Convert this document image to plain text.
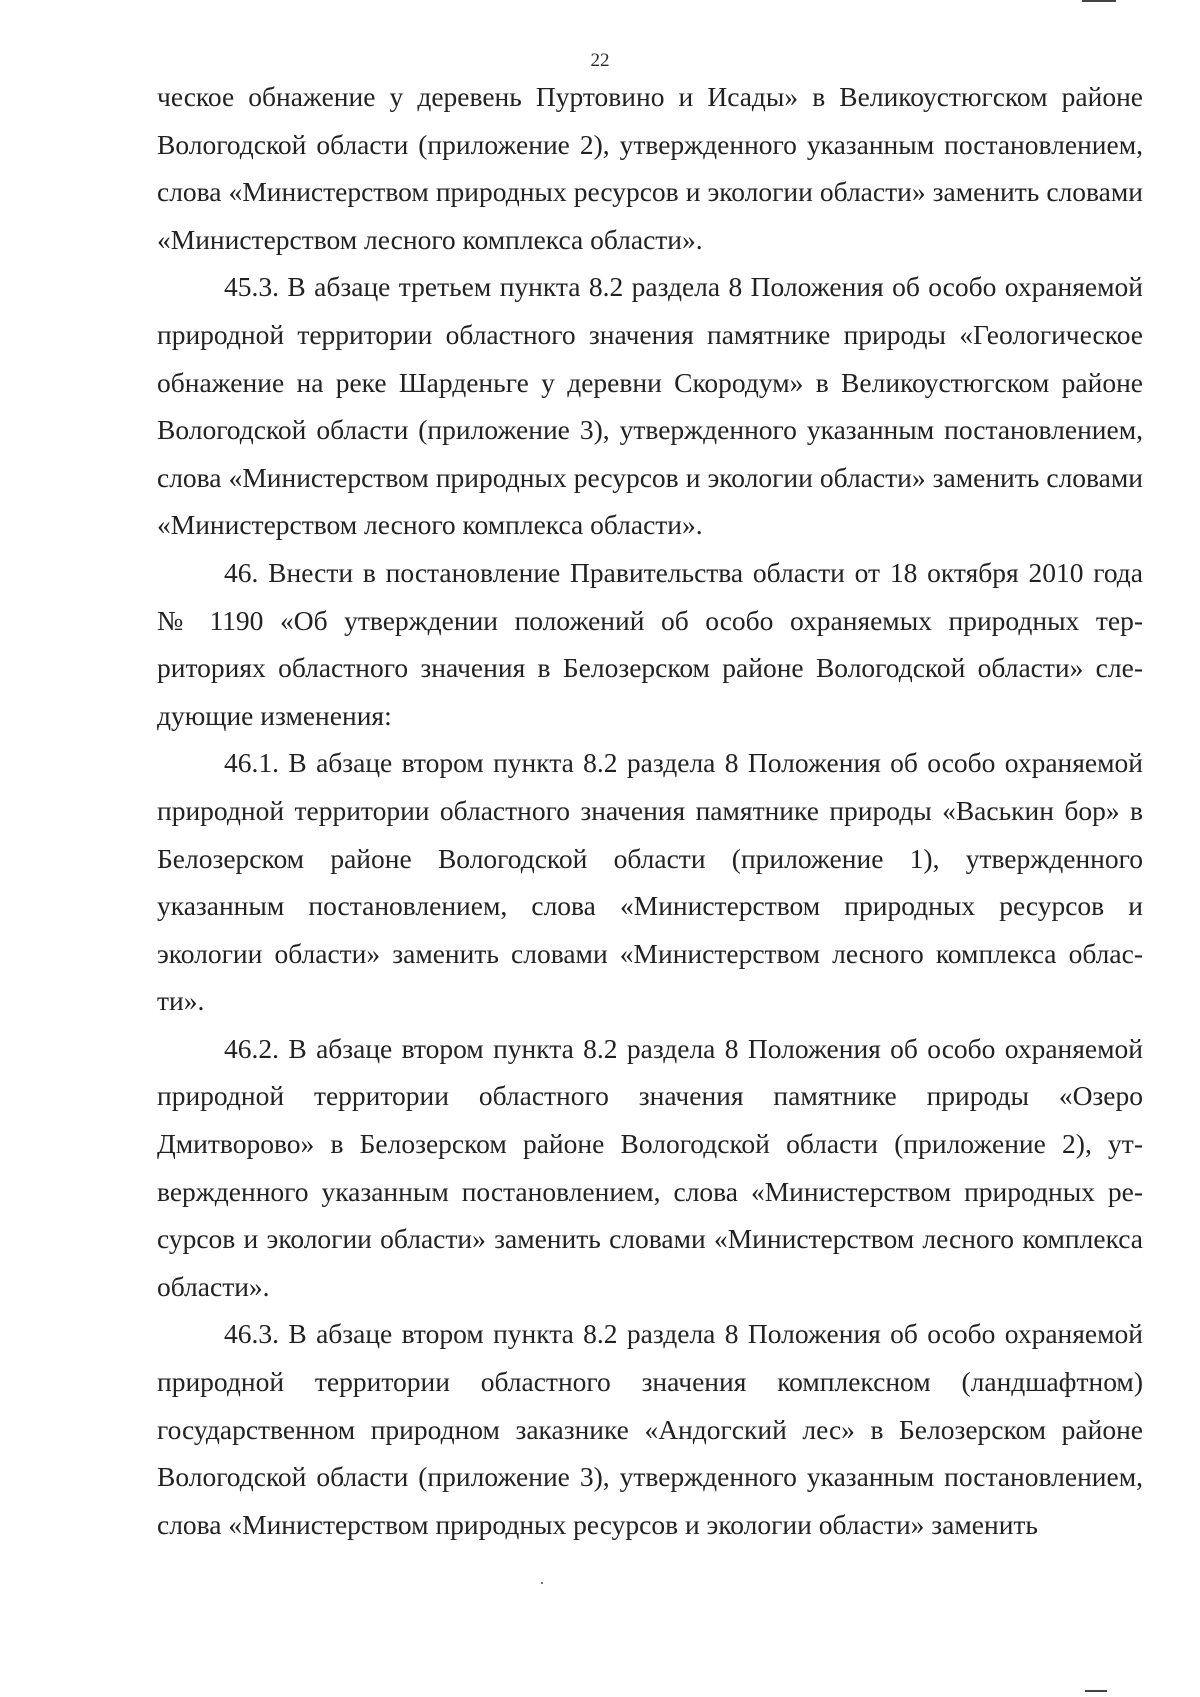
22

ческое обнажение у деревень Пуртовино и Исады» в Великоустюгском районе Вологодской области (приложение 2), утвержденного указанным постановлением, слова «Министерством природных ресурсов и экологии области» заменить словами «Министерством лесного комплекса области».

45.3. В абзаце третьем пункта 8.2 раздела 8 Положения об особо охраняемой природной территории областного значения памятнике природы «Геологическое обнажение на реке Шарденьге у деревни Скородум» в Великоустюгском районе Вологодской области (приложение 3), утвержденного указанным постановлением, слова «Министерством природных ресурсов и экологии области» заменить словами «Министерством лесного комплекса области».

46. Внести в постановление Правительства области от 18 октября 2010 года № 1190 «Об утверждении положений об особо охраняемых природных территориях областного значения в Белозерском районе Вологодской области» следующие изменения:

46.1. В абзаце втором пункта 8.2 раздела 8 Положения об особо охраняемой природной территории областного значения памятнике природы «Васькин бор» в Белозерском районе Вологодской области (приложение 1), утвержденного указанным постановлением, слова «Министерством природных ресурсов и экологии области» заменить словами «Министерством лесного комплекса области».

46.2. В абзаце втором пункта 8.2 раздела 8 Положения об особо охраняемой природной территории областного значения памятнике природы «Озеро Дмитворово» в Белозерском районе Вологодской области (приложение 2), утвержденного указанным постановлением, слова «Министерством природных ресурсов и экологии области» заменить словами «Министерством лесного комплекса области».

46.3. В абзаце втором пункта 8.2 раздела 8 Положения об особо охраняемой природной территории областного значения комплексном (ландшафтном) государственном природном заказнике «Андогский лес» в Белозерском районе Вологодской области (приложение 3), утвержденного указанным постановлением, слова «Министерством природных ресурсов и экологии области» заменить
